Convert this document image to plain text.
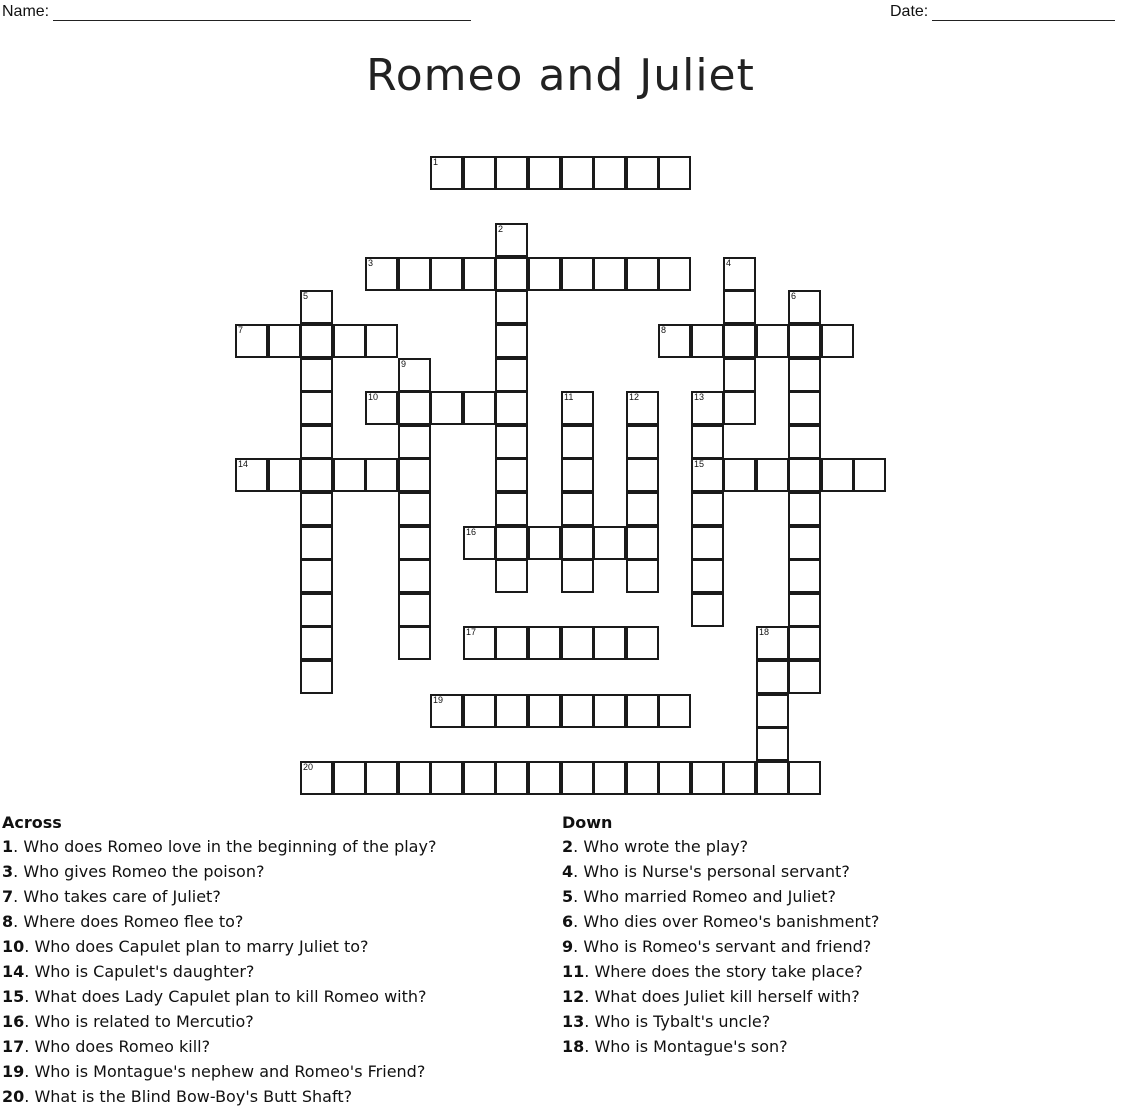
Name:	Date:
Romeo and Juliet
1
2
3	4
5	6
7	8
9
10	11	12	13
15
14
16
17	18
19
20
Across
1. Who does Romeo love in the beginning of the play?
3. Who gives Romeo the poison?
7. Who takes care of Juliet?
8. Where does Romeo flee to?
10. Who does Capulet plan to marry Juliet to?
14. Who is Capulet's daughter?
15. What does Lady Capulet plan to kill Romeo with?
16. Who is related to Mercutio?
17. Who does Romeo kill?
19. Who is Montague's nephew and Romeo's Friend?
20. What is the Blind Bow-Boy's Butt Shaft?
Down
2. Who wrote the play?
4. Who is Nurse's personal servant?
5. Who married Romeo and Juliet?
6. Who dies over Romeo's banishment?
9. Who is Romeo's servant and friend?
11. Where does the story take place?
12. What does Juliet kill herself with?
13. Who is Tybalt's uncle?
18. Who is Montague's son?
